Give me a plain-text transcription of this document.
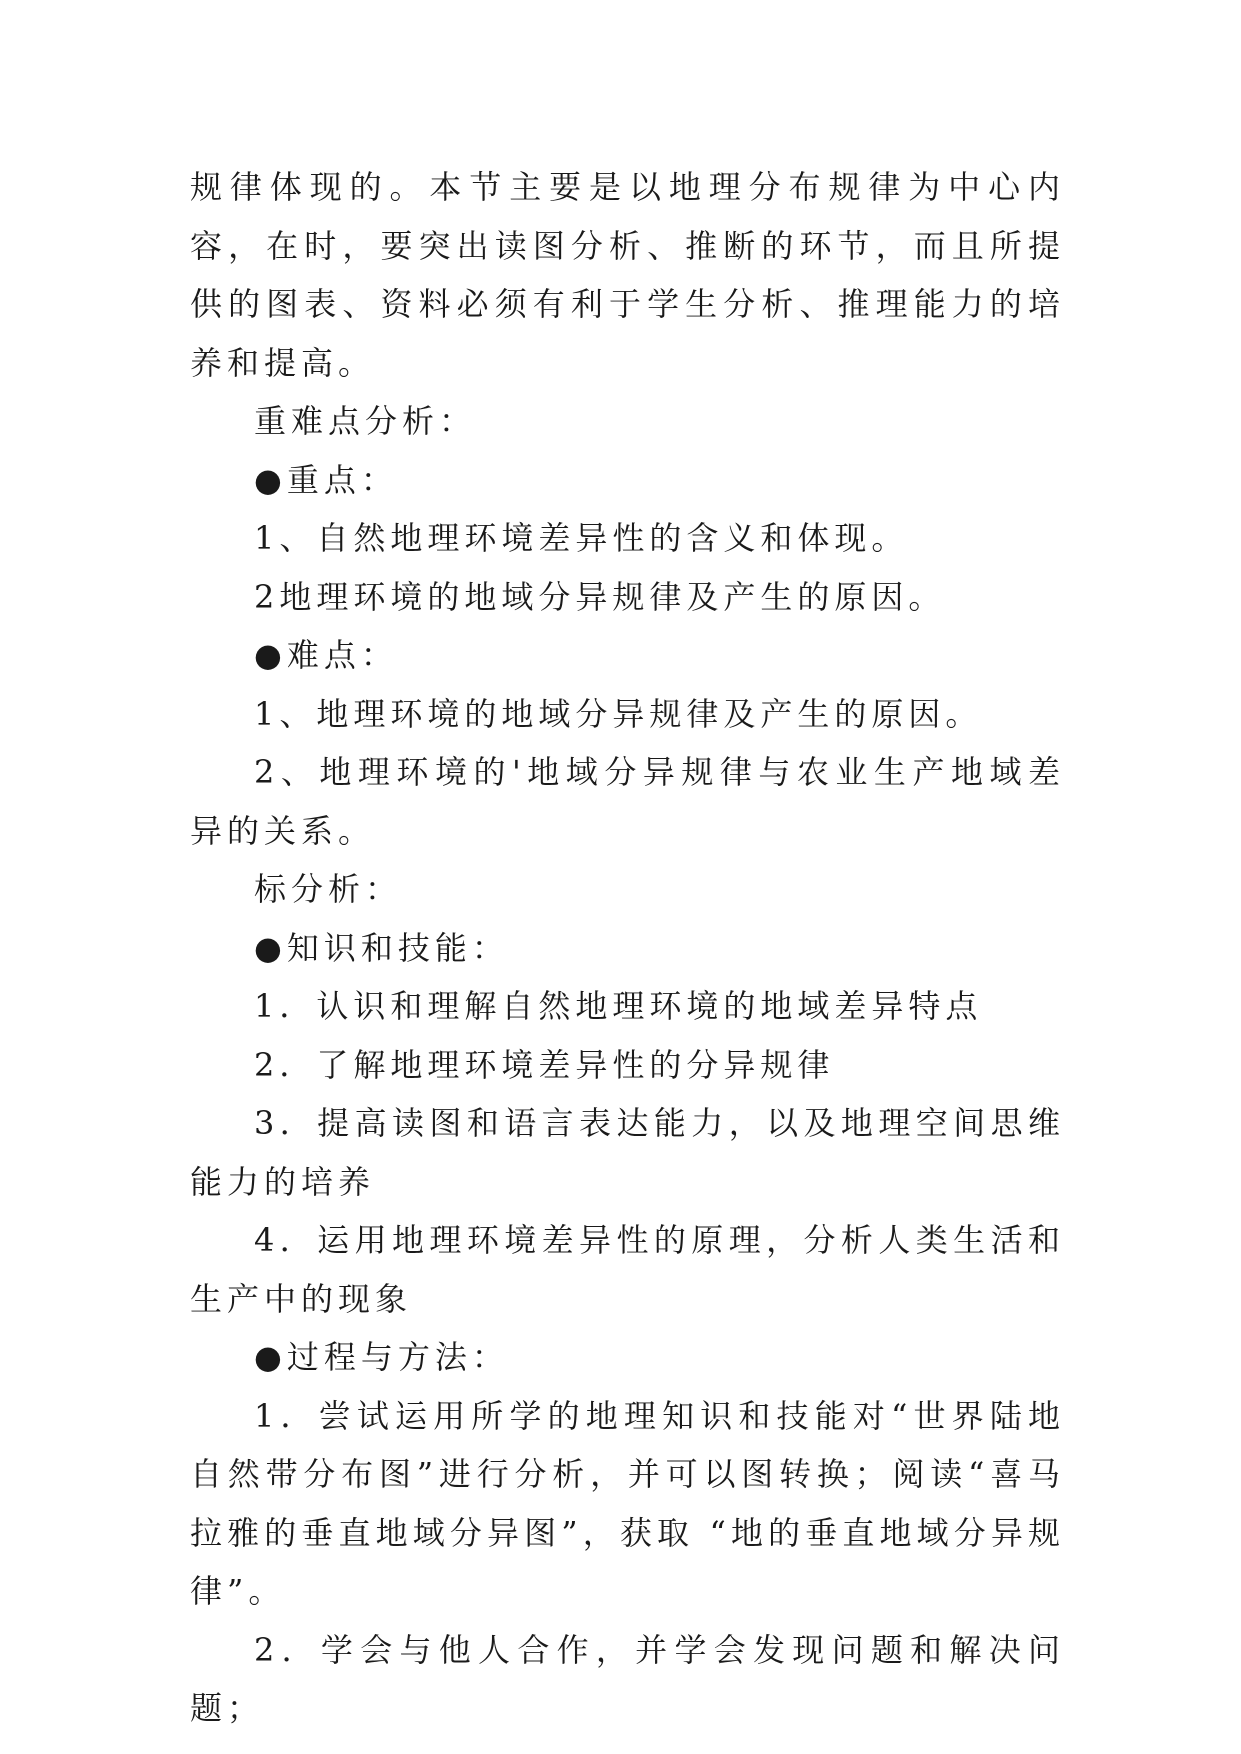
规律体现的。本节主要是以地理分布规律为中心内容，在时，要突出读图分析、推断的环节，而且所提供的图表、资料必须有利于学生分析、推理能力的培养和提高。

重难点分析：

●重点：

1、自然地理环境差异性的含义和体现。

2地理环境的地域分异规律及产生的原因。

●难点：

1、地理环境的地域分异规律及产生的原因。

2、地理环境的'地域分异规律与农业生产地域差异的关系。

标分析：

●知识和技能：

1．认识和理解自然地理环境的地域差异特点

2．了解地理环境差异性的分异规律

3．提高读图和语言表达能力，以及地理空间思维能力的培养

4．运用地理环境差异性的原理，分析人类生活和生产中的现象

●过程与方法：

1．尝试运用所学的地理知识和技能对“世界陆地自然带分布图”进行分析，并可以图转换；阅读“喜马拉雅的垂直地域分异图”，获取 “地的垂直地域分异规律”。

2．学会与他人合作，并学会发现问题和解决问题；
